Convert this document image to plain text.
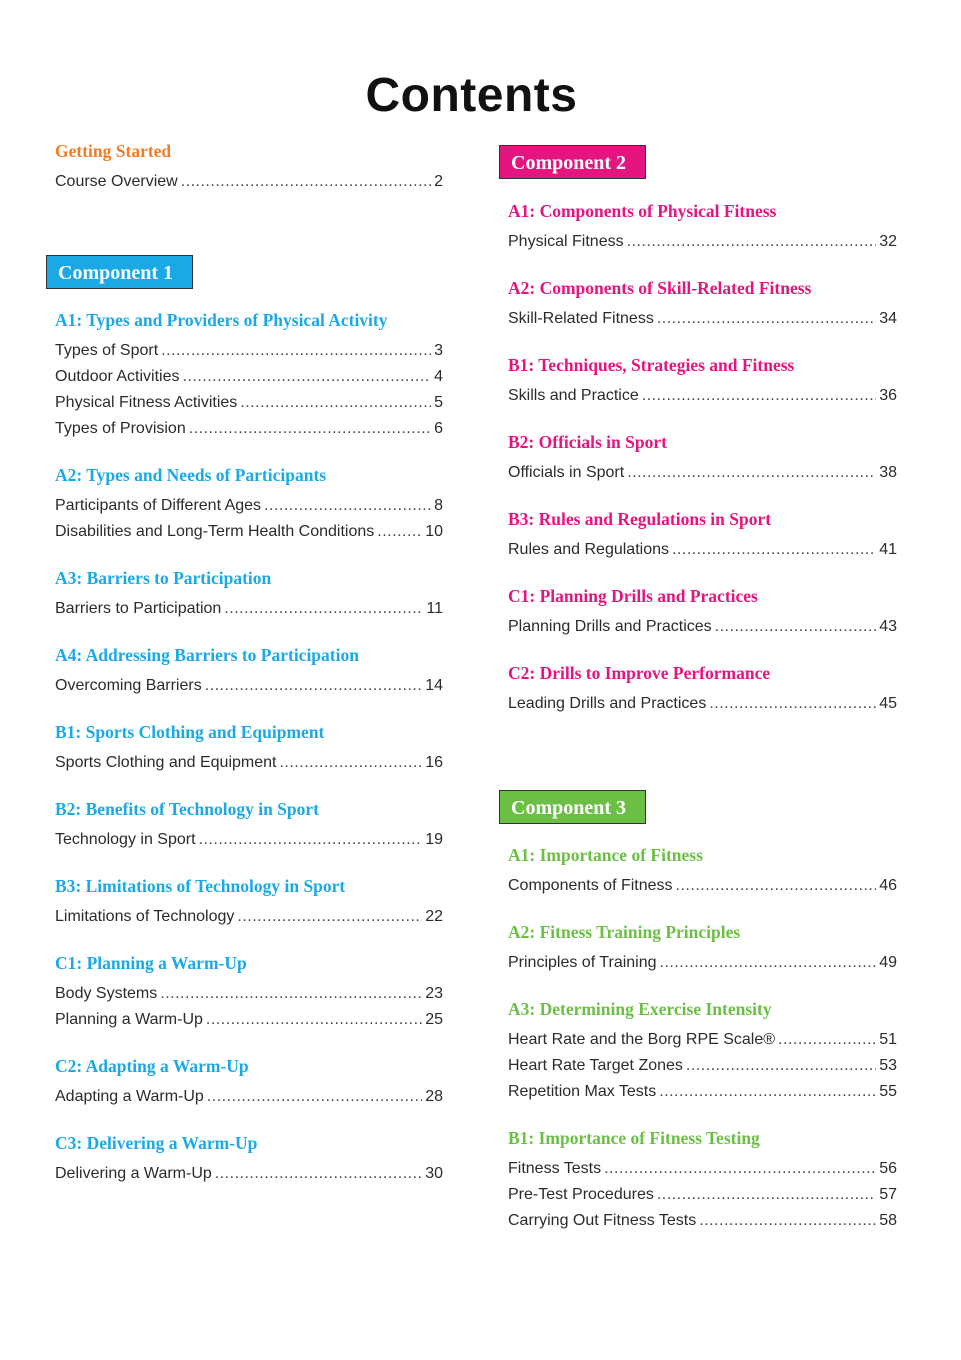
Contents
Getting Started
Course Overview .....	2
Component 1
A1: Types and Providers of Physical Activity
Types of Sport .....	3
Outdoor Activities .....	4
Physical Fitness Activities .....	5
Types of Provision .....	6
A2: Types and Needs of Participants
Participants of Different Ages .....	8
Disabilities and Long-Term Health Conditions .....	10
A3: Barriers to Participation
Barriers to Participation .....	11
A4: Addressing Barriers to Participation
Overcoming Barriers .....	14
B1: Sports Clothing and Equipment
Sports Clothing and Equipment .....	16
B2: Benefits of Technology in Sport
Technology in Sport .....	19
B3: Limitations of Technology in Sport
Limitations of Technology .....	22
C1: Planning a Warm-Up
Body Systems .....	23
Planning a Warm-Up .....	25
C2: Adapting a Warm-Up
Adapting a Warm-Up .....	28
C3: Delivering a Warm-Up
Delivering a Warm-Up .....	30
Component 2
A1: Components of Physical Fitness
Physical Fitness .....	32
A2: Components of Skill-Related Fitness
Skill-Related Fitness .....	34
B1: Techniques, Strategies and Fitness
Skills and Practice .....	36
B2: Officials in Sport
Officials in Sport .....	38
B3: Rules and Regulations in Sport
Rules and Regulations .....	41
C1: Planning Drills and Practices
Planning Drills and Practices .....	43
C2: Drills to Improve Performance
Leading Drills and Practices .....	45
Component 3
A1: Importance of Fitness
Components of Fitness .....	46
A2: Fitness Training Principles
Principles of Training .....	49
A3: Determining Exercise Intensity
Heart Rate and the Borg RPE Scale® .....	51
Heart Rate Target Zones .....	53
Repetition Max Tests .....	55
B1: Importance of Fitness Testing
Fitness Tests .....	56
Pre-Test Procedures .....	57
Carrying Out Fitness Tests .....	58
